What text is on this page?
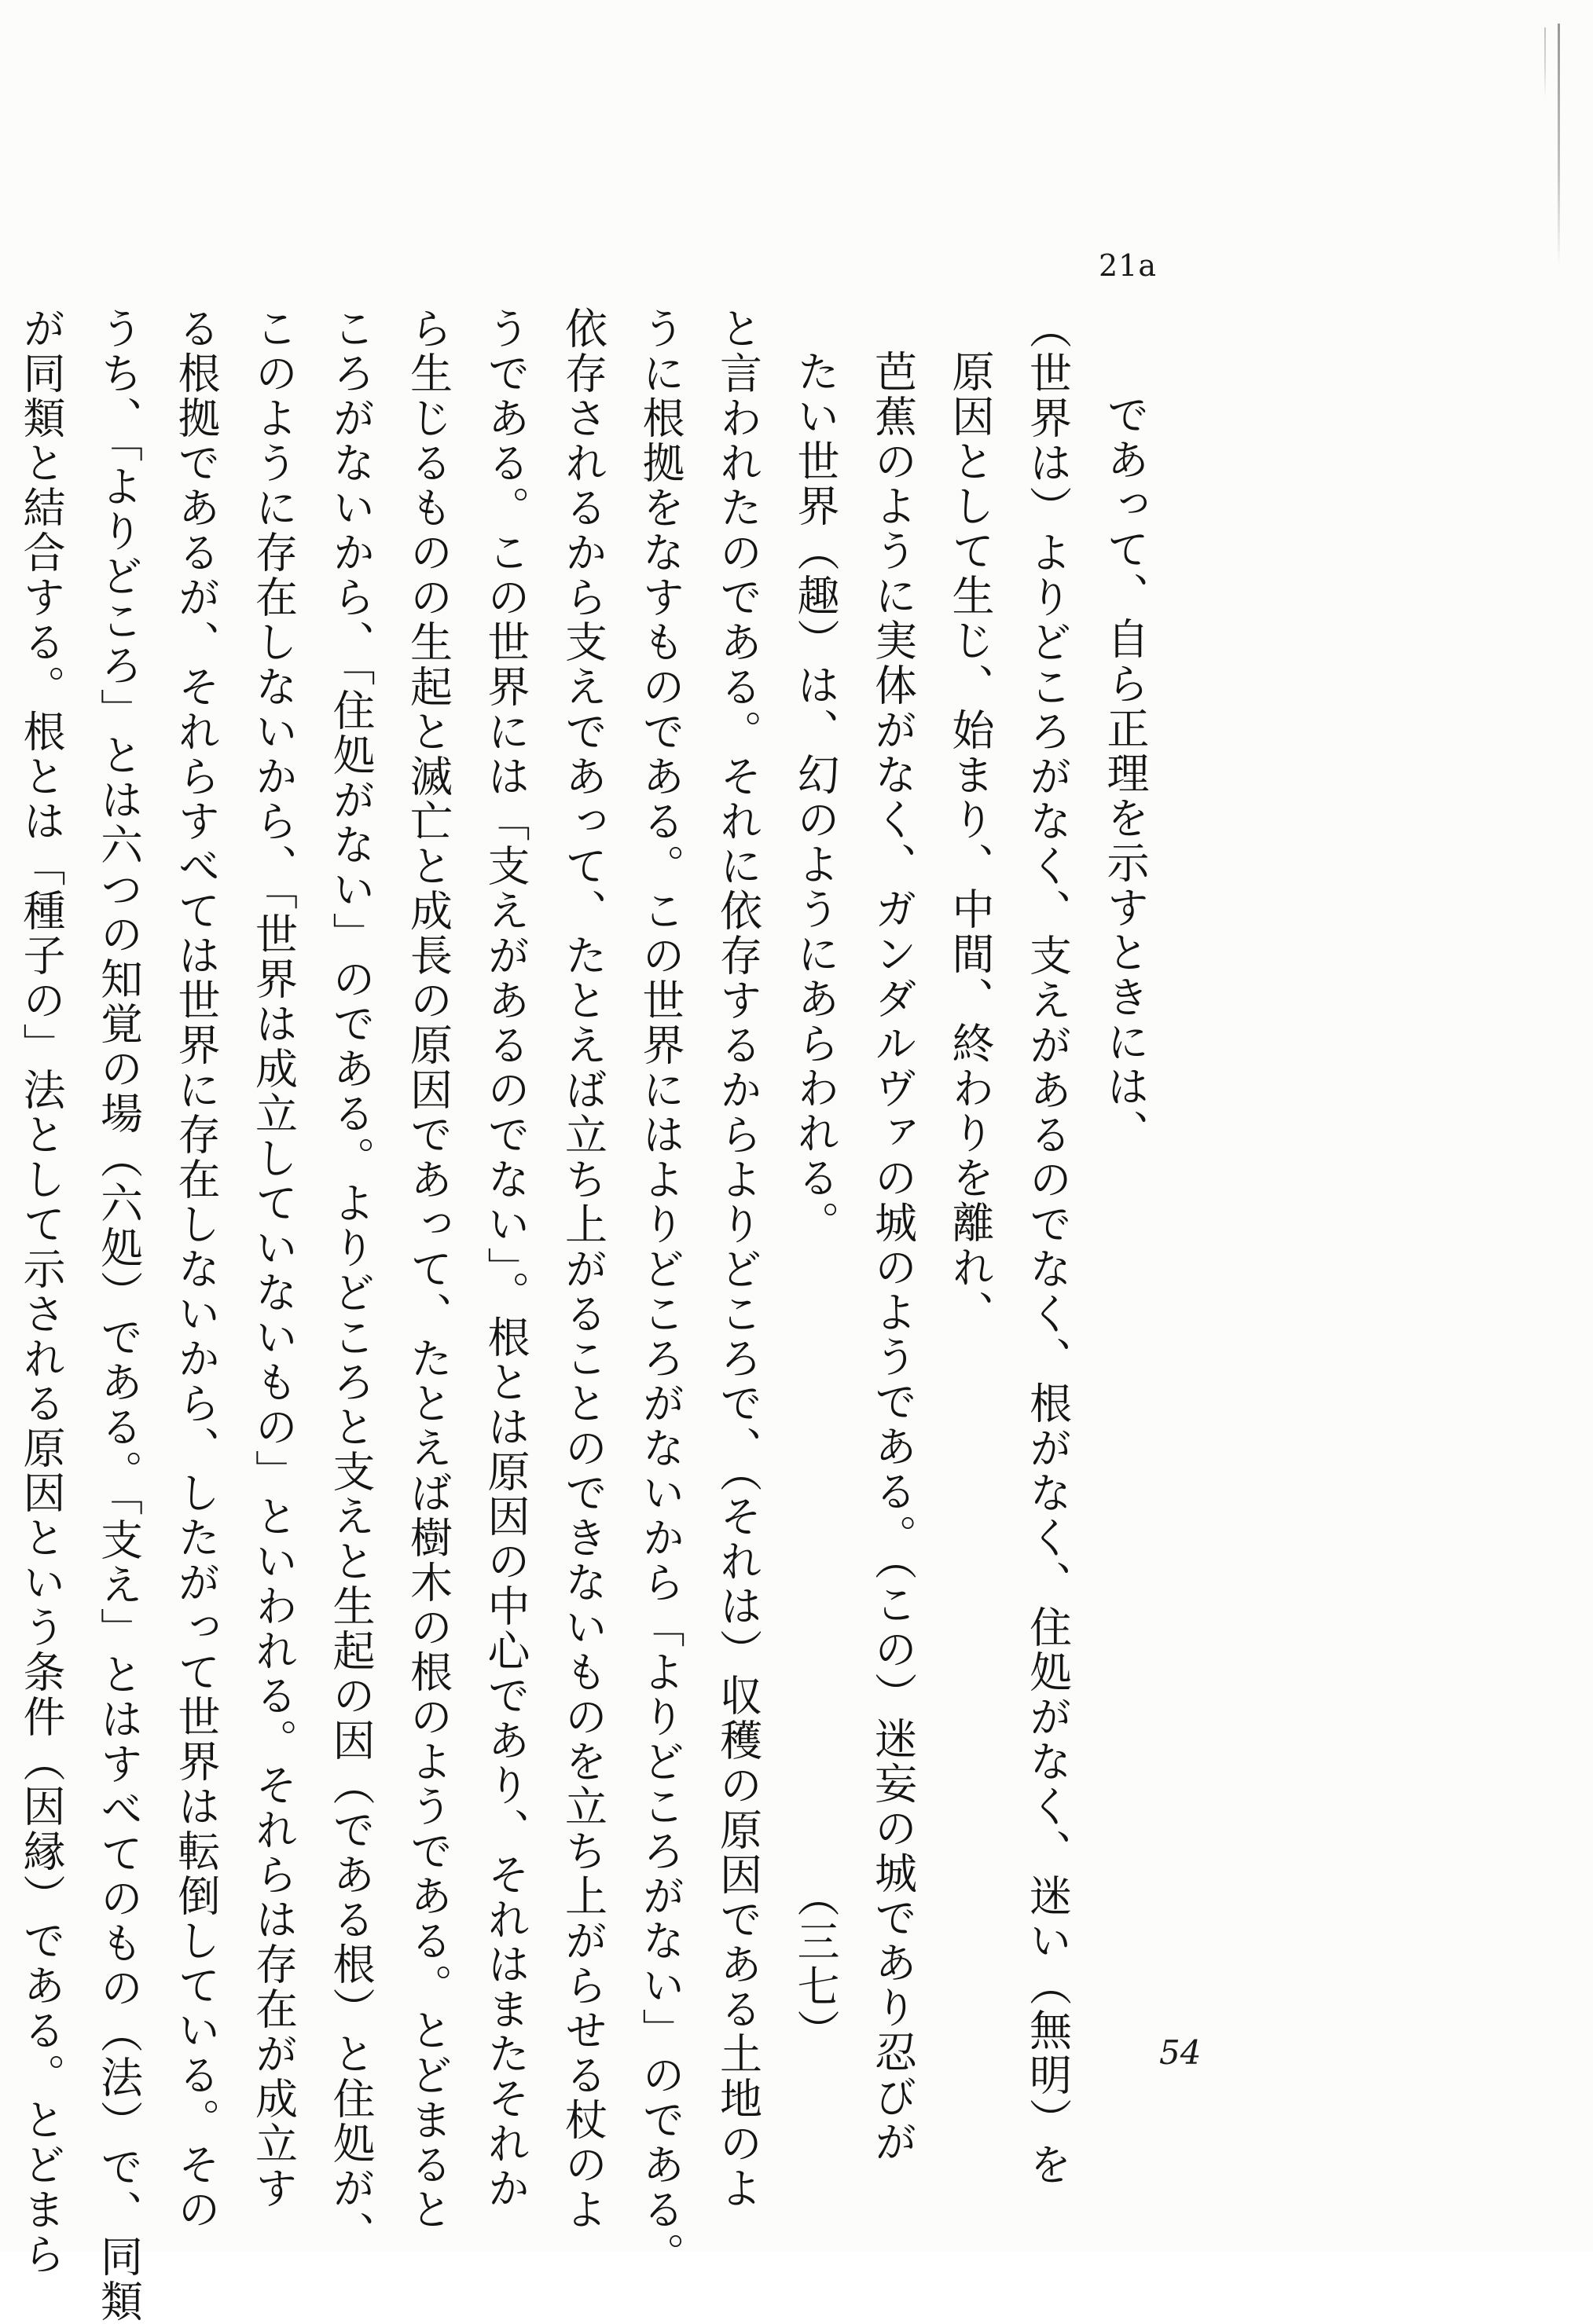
21a
であって、自ら正理を示すときには、
（世界は）よりどころがなく、支えがあるのでなく、根がなく、住処がなく、迷い（無明）を
原因として生じ、始まり、中間、終わりを離れ、
芭蕉のように実体がなく、ガンダルヴァの城のようである。（この）迷妄の城であり忍びが
たい世界（趣）は、幻のようにあらわれる。　　　　　　　　　　　　　　　（三七）
と言われたのである。それに依存するからよりどころで、（それは）収穫の原因である土地のよ
うに根拠をなすものである。この世界にはよりどころがないから「よりどころがない」のである。
依存されるから支えであって、たとえば立ち上がることのできないものを立ち上がらせる杖のよ
うである。この世界には「支えがあるのでない」。根とは原因の中心であり、それはまたそれか
ら生じるものの生起と滅亡と成長の原因であって、たとえば樹木の根のようである。とどまると
ころがないから、「住処がない」のである。よりどころと支えと生起の因（である根）と住処が、
このように存在しないから、「世界は成立していないもの」といわれる。それらは存在が成立す
る根拠であるが、それらすべては世界に存在しないから、したがって世界は転倒している。その
うち、「よりどころ」とは六つの知覚の場（六処）である。「支え」とはすべてのもの（法）で、同類
が同類と結合する。根とは「種子の」法として示される原因という条件（因縁）である。とどまら	54
